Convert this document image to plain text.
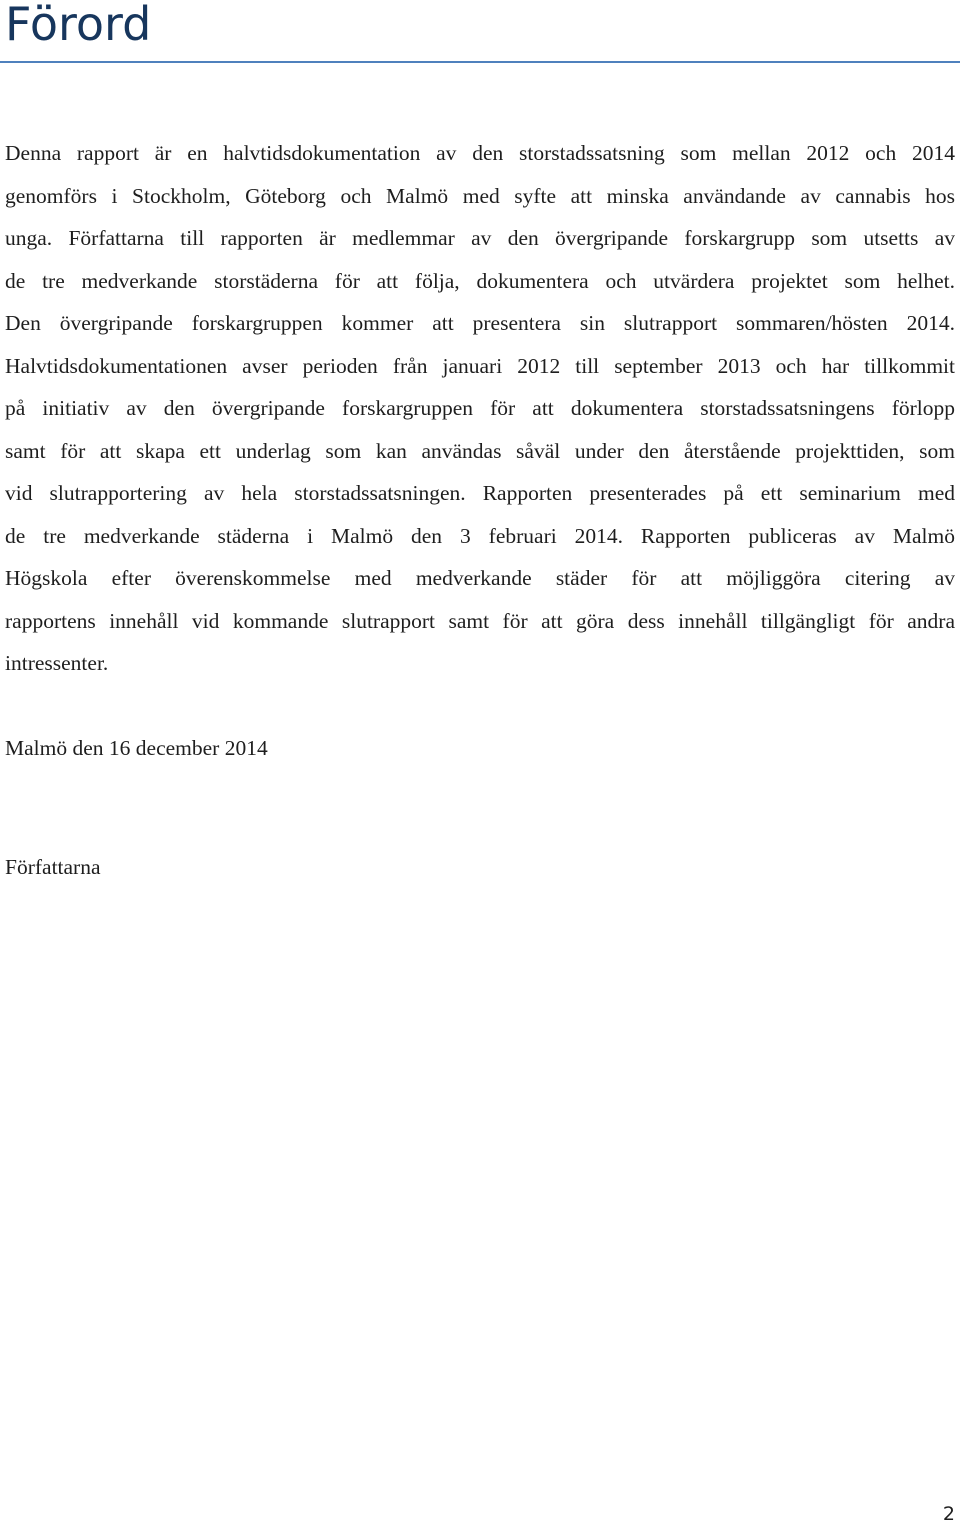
Förord
Denna rapport är en halvtidsdokumentation av den storstadssatsning som mellan 2012 och 2014
genomförs i Stockholm, Göteborg och Malmö med syfte att minska användande av cannabis hos
unga. Författarna till rapporten är medlemmar av den övergripande forskargrupp som utsetts av
de tre medverkande storstäderna för att följa, dokumentera och utvärdera projektet som helhet.
Den övergripande forskargruppen kommer att presentera sin slutrapport sommaren/hösten 2014.
Halvtidsdokumentationen avser perioden från januari 2012 till september 2013 och har tillkommit
på initiativ av den övergripande forskargruppen för att dokumentera storstadssatsningens förlopp
samt för att skapa ett underlag som kan användas såväl under den återstående projekttiden, som
vid slutrapportering av hela storstadssatsningen. Rapporten presenterades på ett seminarium med
de tre medverkande städerna i Malmö den 3 februari 2014. Rapporten publiceras av Malmö
Högskola efter överenskommelse med medverkande städer för att möjliggöra citering av
rapportens innehåll vid kommande slutrapport samt för att göra dess innehåll tillgängligt för andra
intressenter.

Malmö den 16 december 2014

Författarna

2
